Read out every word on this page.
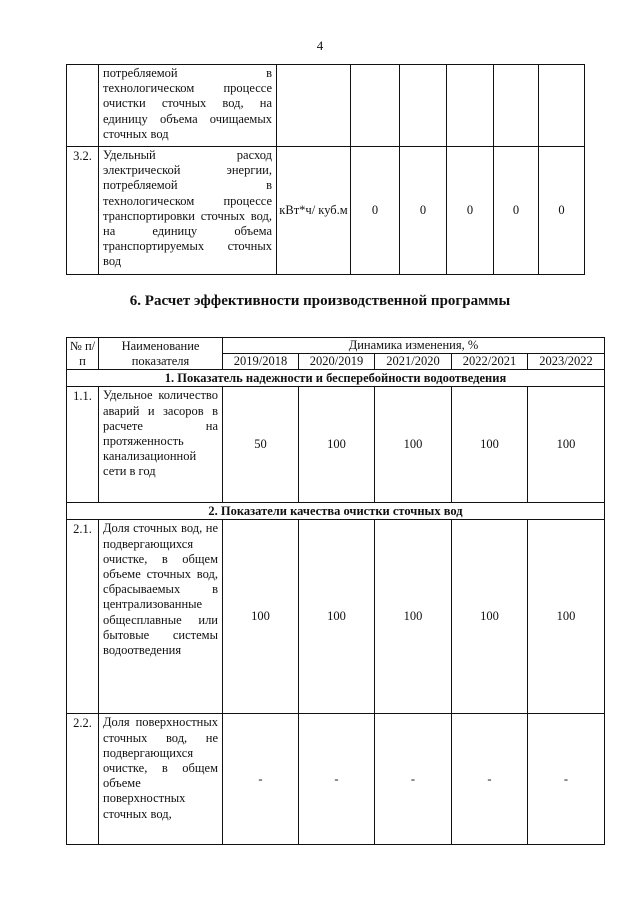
4
	потребляемой в технологическом процессе очистки сточных вод, на единицу объема очищаемых сточных вод						
3.2.	Удельный расход электрической энергии, потребляемой в технологическом процессе транспортировки сточных вод, на единицу объема транспортируемых сточных вод	кВт*ч/ куб.м	0	0	0	0	0
6. Расчет эффективности производственной программы
№ п/п	Наименование показателя	Динамика изменения, %				
		2019/2018	2020/2019	2021/2020	2022/2021	2023/2022
1. Показатель надежности и бесперебойности водоотведения						
1.1.	Удельное количество аварий и засоров в расчете на протяженность канализационной сети в год	50	100	100	100	100
2. Показатели качества очистки сточных вод						
2.1.	Доля сточных вод, не подвергающихся очистке, в общем объеме сточных вод, сбрасываемых в централизованные общесплавные или бытовые системы водоотведения	100	100	100	100	100
2.2.	Доля поверхностных сточных вод, не подвергающихся очистке, в общем объеме поверхностных сточных вод,	-	-	-	-	-
